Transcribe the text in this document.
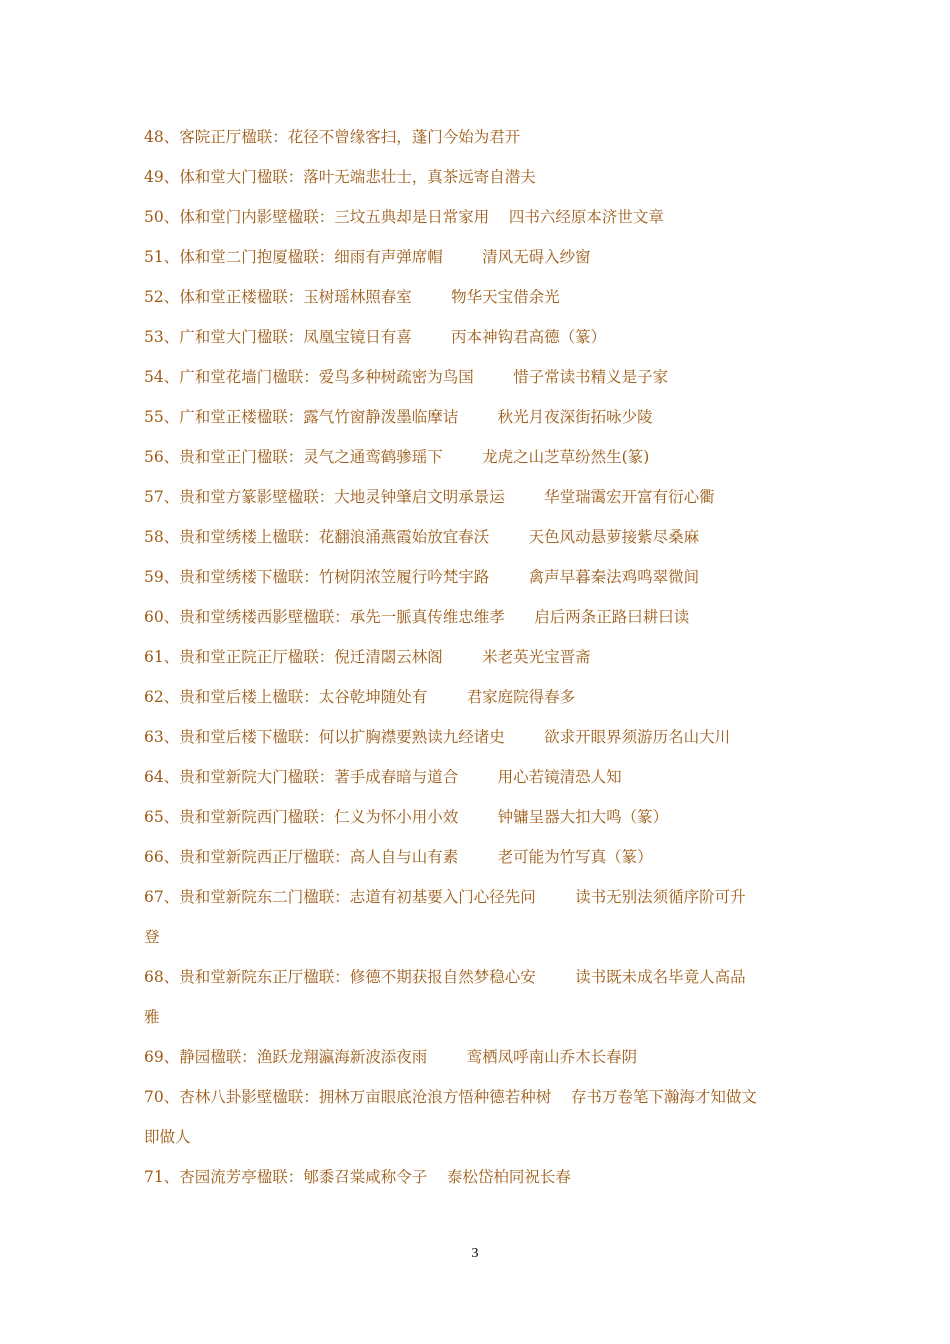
48、客院正厅楹联：花径不曾缘客扫，蓬门今始为君开
49、体和堂大门楹联：落叶无端悲壮士，真茶远寄自潜夫
50、体和堂门内影壁楹联：三坟五典却是日常家用    四书六经原本济世文章
51、体和堂二门抱厦楹联：细雨有声弹席帽        清风无碍入纱窗
52、体和堂正楼楹联：玉树瑶林照春室        物华天宝借余光
53、广和堂大门楹联：凤凰宝镜日有喜        丙本神钩君高德（篆）
54、广和堂花墙门楹联：爱鸟多种树疏密为鸟国        惜子常读书精义是子家
55、广和堂正楼楹联：露气竹窗静泼墨临摩诘        秋光月夜深街拓咏少陵
56、贵和堂正门楹联：灵气之通鸾鹤骖瑶下        龙虎之山芝草纷然生(篆)
57、贵和堂方篆影壁楹联：大地灵钟肇启文明承景运        华堂瑞霭宏开富有衍心衢
58、贵和堂绣楼上楹联：花翻浪涌燕霞始放宜春沃        天色风动悬萝接紫尽桑麻
59、贵和堂绣楼下楹联：竹树阴浓笠履行吟梵宇路        禽声早暮秦法鸡鸣翠微间
60、贵和堂绣楼西影壁楹联：承先一脈真传维忠维孝      启后两条正路曰耕曰读
61、贵和堂正院正厅楹联：倪迁清閟云林阁        米老英光宝晋斋
62、贵和堂后楼上楹联：太谷乾坤随处有        君家庭院得春多
63、贵和堂后楼下楹联：何以扩胸襟要熟读九经诸史        欲求开眼界须游历名山大川
64、贵和堂新院大门楹联：著手成春暗与道合        用心若镜清恐人知
65、贵和堂新院西门楹联：仁义为怀小用小效        钟镛呈器大扣大鸣（篆）
66、贵和堂新院西正厅楹联：高人自与山有素        老可能为竹写真（篆）
67、贵和堂新院东二门楹联：志道有初基要入门心径先问        读书无别法须循序阶可升
登
68、贵和堂新院东正厅楹联：修德不期获报自然梦稳心安        读书既未成名毕竟人高品
雅
69、静园楹联：渔跃龙翔瀛海新波添夜雨        鸾栖凤呼南山乔木长春阴
70、杏林八卦影壁楹联：拥林万亩眼底沧浪方悟种德若种树    存书万卷笔下瀚海才知做文
即做人
71、杏园流芳亭楹联：郇黍召棠咸称令子    泰松岱柏同祝长春
3
